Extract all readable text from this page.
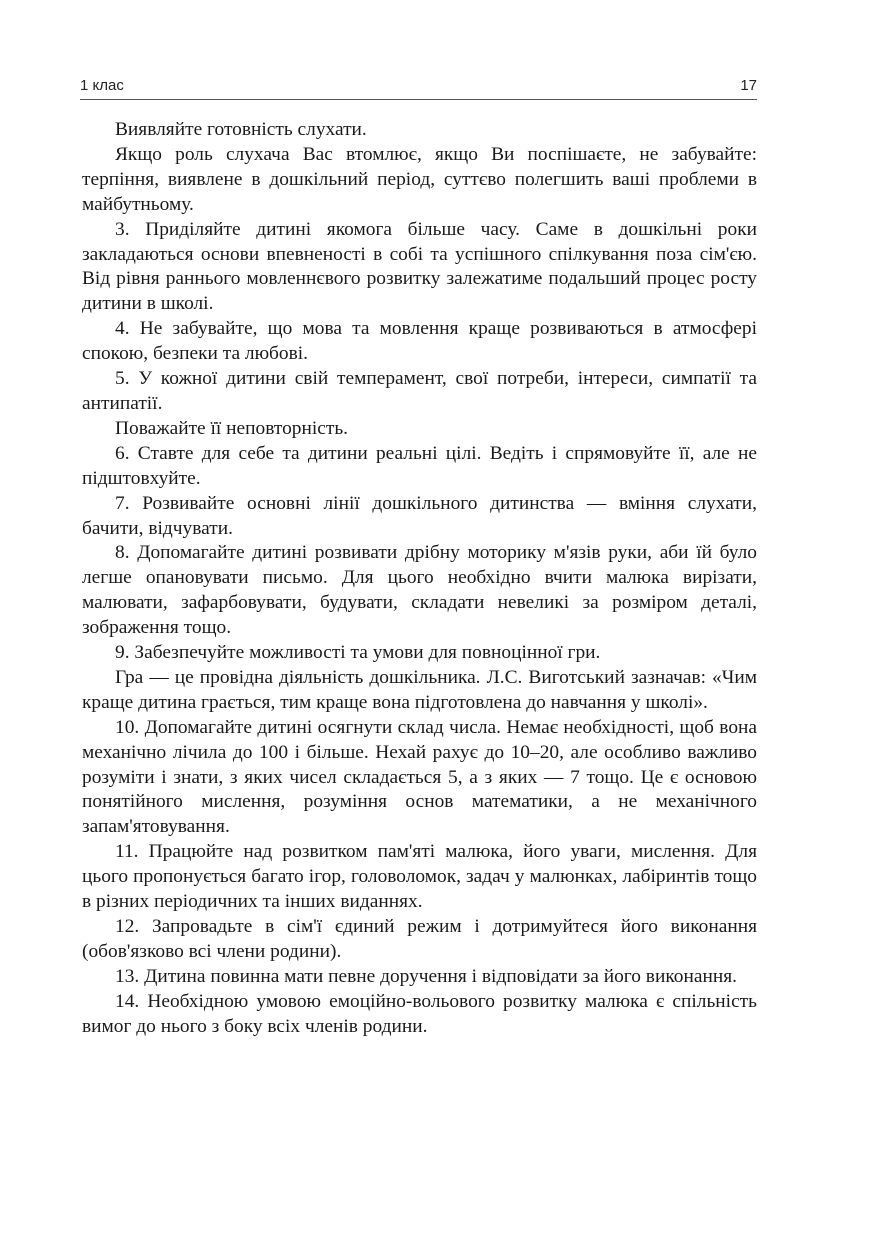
1 клас	17

Виявляйте готовність слухати.

Якщо роль слухача Вас втомлює, якщо Ви поспішаєте, не забувайте: терпіння, виявлене в дошкільний період, суттєво полегшить ваші проблеми в майбутньому.

3. Приділяйте дитині якомога більше часу. Саме в дошкільні роки закладаються основи впевненості в собі та успішного спілкування поза сім'єю. Від рівня раннього мовленнєвого розвитку залежатиме подальший процес росту дитини в школі.

4. Не забувайте, що мова та мовлення краще розвиваються в атмосфері спокою, безпеки та любові.

5. У кожної дитини свій темперамент, свої потреби, інтереси, симпатії та антипатії.

Поважайте її неповторність.

6. Ставте для себе та дитини реальні цілі. Ведіть і спрямовуйте її, але не підштовхуйте.

7. Розвивайте основні лінії дошкільного дитинства — вміння слухати, бачити, відчувати.

8. Допомагайте дитині розвивати дрібну моторику м'язів руки, аби їй було легше опановувати письмо. Для цього необхідно вчити малюка вирізати, малювати, зафарбовувати, будувати, складати невеликі за розміром деталі, зображення тощо.

9. Забезпечуйте можливості та умови для повноцінної гри.

Гра — це провідна діяльність дошкільника. Л.С. Виготський зазначав: «Чим краще дитина грається, тим краще вона підготовлена до навчання у школі».

10. Допомагайте дитині осягнути склад числа. Немає необхідності, щоб вона механічно лічила до 100 і більше. Нехай рахує до 10–20, але особливо важливо розуміти і знати, з яких чисел складається 5, а з яких — 7 тощо. Це є основою понятійного мислення, розуміння основ математики, а не механічного запам'ятовування.

11. Працюйте над розвитком пам'яті малюка, його уваги, мислення. Для цього пропонується багато ігор, головоломок, задач у малюнках, лабіринтів тощо в різних періодичних та інших виданнях.

12. Запровадьте в сім'ї єдиний режим і дотримуйтеся його виконання (обов'язково всі члени родини).

13. Дитина повинна мати певне доручення і відповідати за його виконання.

14. Необхідною умовою емоційно-вольового розвитку малюка є спільність вимог до нього з боку всіх членів родини.
